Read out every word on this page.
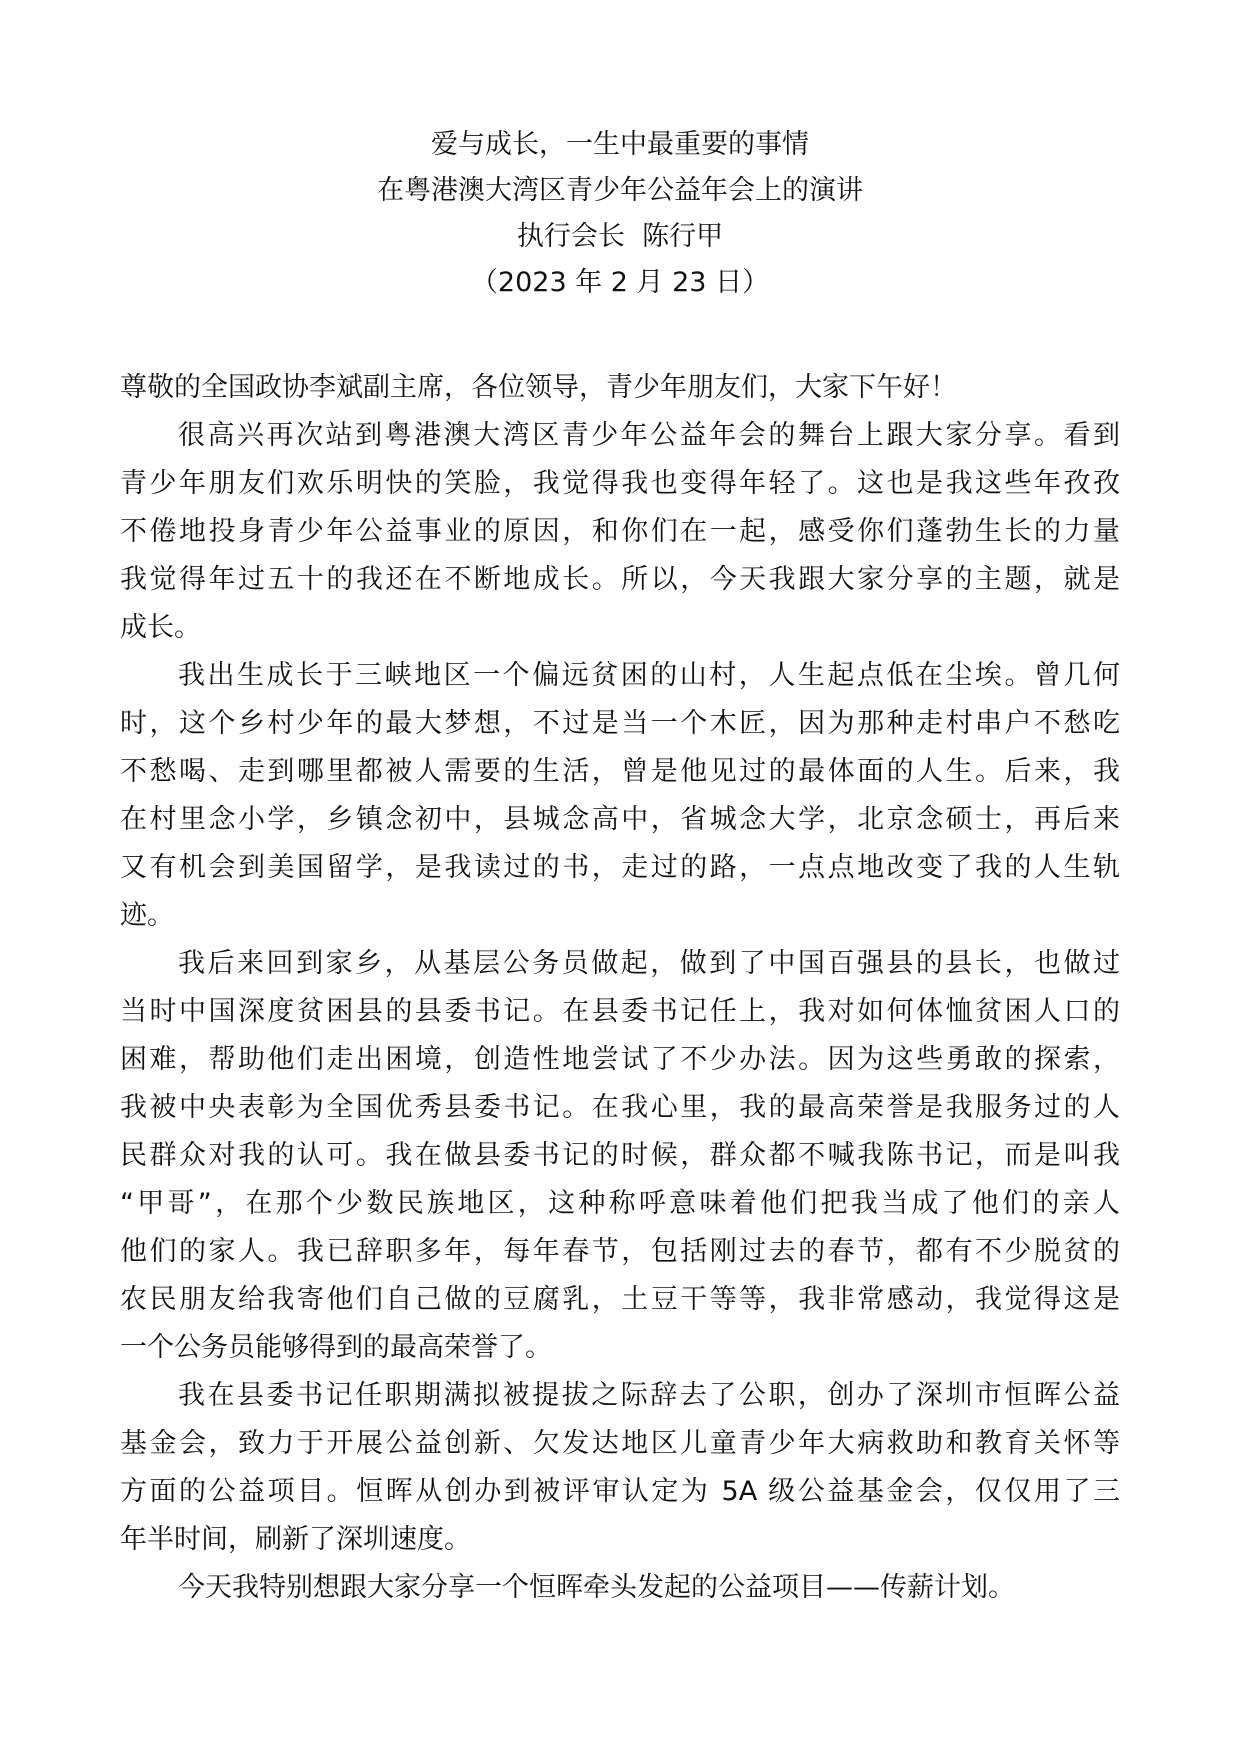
爱与成长，一生中最重要的事情
在粤港澳大湾区青少年公益年会上的演讲
执行会长  陈行甲
（2023 年 2 月 23 日）

尊敬的全国政协李斌副主席，各位领导，青少年朋友们，大家下午好！

很高兴再次站到粤港澳大湾区青少年公益年会的舞台上跟大家分享。看到
青少年朋友们欢乐明快的笑脸，我觉得我也变得年轻了。这也是我这些年孜孜
不倦地投身青少年公益事业的原因，和你们在一起，感受你们蓬勃生长的力量
我觉得年过五十的我还在不断地成长。所以，今天我跟大家分享的主题，就是
成长。

我出生成长于三峡地区一个偏远贫困的山村，人生起点低在尘埃。曾几何
时，这个乡村少年的最大梦想，不过是当一个木匠，因为那种走村串户不愁吃
不愁喝、走到哪里都被人需要的生活，曾是他见过的最体面的人生。后来，我
在村里念小学，乡镇念初中，县城念高中，省城念大学，北京念硕士，再后来
又有机会到美国留学，是我读过的书，走过的路，一点点地改变了我的人生轨
迹。

我后来回到家乡，从基层公务员做起，做到了中国百强县的县长，也做过
当时中国深度贫困县的县委书记。在县委书记任上，我对如何体恤贫困人口的
困难，帮助他们走出困境，创造性地尝试了不少办法。因为这些勇敢的探索，
我被中央表彰为全国优秀县委书记。在我心里，我的最高荣誉是我服务过的人
民群众对我的认可。我在做县委书记的时候，群众都不喊我陈书记，而是叫我
“甲哥”，在那个少数民族地区，这种称呼意味着他们把我当成了他们的亲人
他们的家人。我已辞职多年，每年春节，包括刚过去的春节，都有不少脱贫的
农民朋友给我寄他们自己做的豆腐乳，土豆干等等，我非常感动，我觉得这是
一个公务员能够得到的最高荣誉了。

我在县委书记任职期满拟被提拔之际辞去了公职，创办了深圳市恒晖公益
基金会，致力于开展公益创新、欠发达地区儿童青少年大病救助和教育关怀等
方面的公益项目。恒晖从创办到被评审认定为 5A 级公益基金会，仅仅用了三
年半时间，刷新了深圳速度。

今天我特别想跟大家分享一个恒晖牵头发起的公益项目——传薪计划。
